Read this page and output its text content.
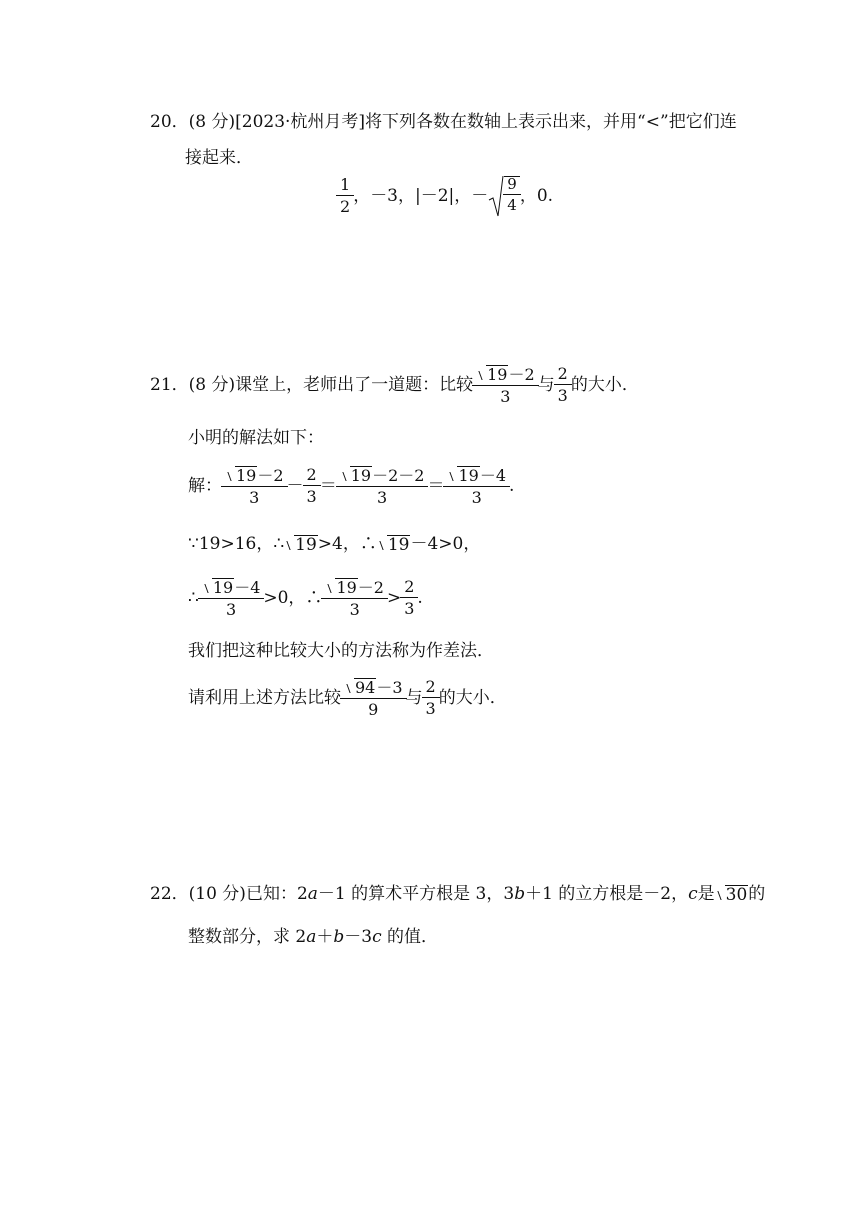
20．(8 分)[2023·杭州月考]将下列各数在数轴上表示出来，并用“<”把它们连
接起来．
$\frac{1}{2}$ ， －3，|－2|，－ $\frac{9}{4}$ ，0.
21． (8 分) 课堂上，老师出了一道题：比较 $\frac{19-2}{3}$ 与 $\frac{2}{3}$ 的大小．
小明的解法如下：
解： $\frac{19-2}{3} - \frac{2}{3} = \frac{19-2-2}{3} = \frac{19-4}{3}$ .
∵19>16，∴ 19 >4，∴ 19 －4>0，
∴ $\frac{19-4}{3} >0$，∴ $\frac{19-2}{3} > \frac{2}{3}$ .
我们把这种比较大小的方法称为作差法．
请利用上述方法比较 $\frac{94-3}{9}$ 与 $\frac{2}{3}$ 的大小．
22． (10 分) 已知：2 a －1 的算术平方根是 3，3 b ＋1 的立方根是－2， c 是 30 的
整数部分，求 2a＋b－3c 的值．
